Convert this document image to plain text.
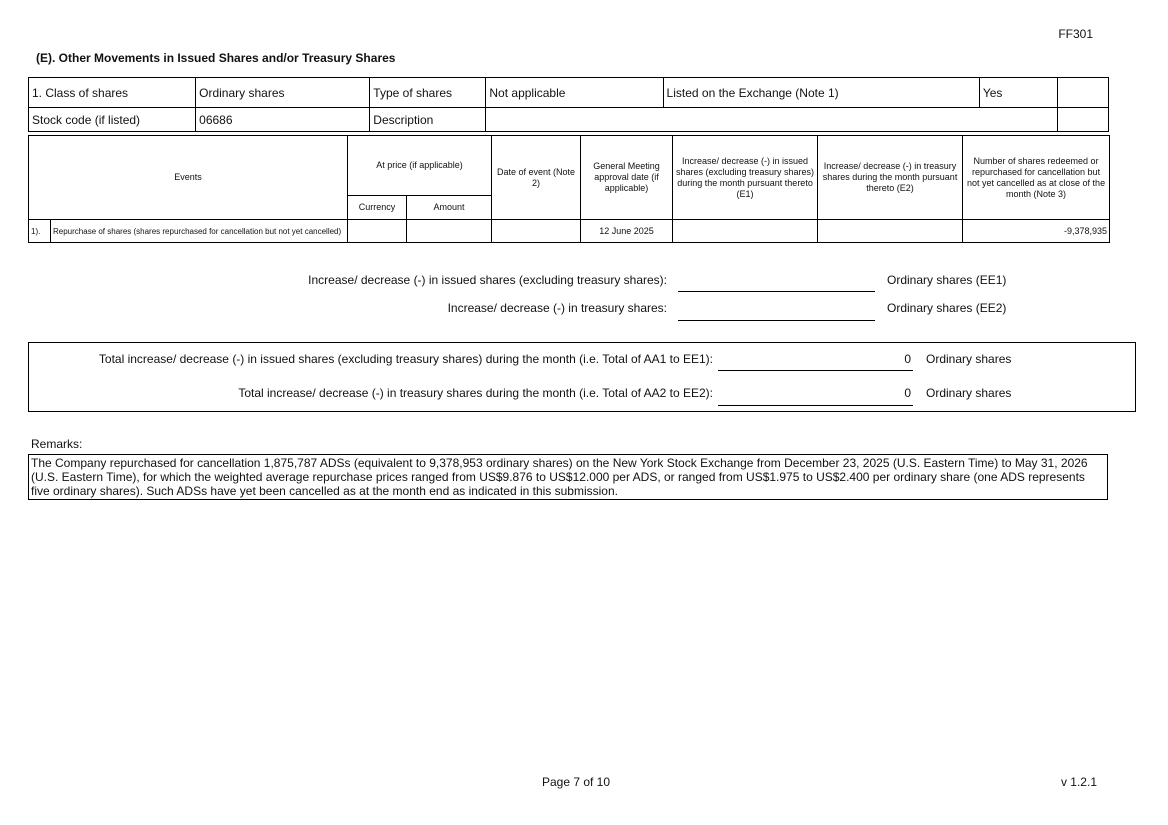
FF301
(E). Other Movements in Issued Shares and/or Treasury Shares
1. Class of shares	Ordinary shares	Type of shares	Not applicable	Listed on the Exchange (Note 1)	Yes	
Stock code (if listed)	06686	Description				
Events		At price (if applicable)		Date of event (Note 2)	General Meeting approval date (if applicable)	Increase/ decrease (-) in issued shares (excluding treasury shares) during the month pursuant thereto (E1)	Increase/ decrease (-) in treasury shares during the month pursuant thereto (E2)	Number of shares redeemed or repurchased for cancellation but not yet cancelled as at close of the month (Note 3)
		Currency	Amount					
1).	Repurchase of shares (shares repurchased for cancellation but not yet cancelled)				12 June 2025			-9,378,935
Increase/ decrease (-) in issued shares (excluding treasury shares):	Ordinary shares (EE1)
Increase/ decrease (-) in treasury shares:	Ordinary shares (EE2)
Total increase/ decrease (-) in issued shares (excluding treasury shares) during the month (i.e. Total of AA1 to EE1):	0 Ordinary shares
Total increase/ decrease (-) in treasury shares during the month (i.e. Total of AA2 to EE2):	0 Ordinary shares
Remarks:
The Company repurchased for cancellation 1,875,787 ADSs (equivalent to 9,378,953 ordinary shares) on the New York Stock Exchange from December 23, 2025 (U.S. Eastern Time) to May 31, 2026 (U.S. Eastern Time), for which the weighted average repurchase prices ranged from US$9.876 to US$12.000 per ADS, or ranged from US$1.975 to US$2.400 per ordinary share (one ADS represents five ordinary shares). Such ADSs have yet been cancelled as at the month end as indicated in this submission.
Page 7 of 10	v 1.2.1
